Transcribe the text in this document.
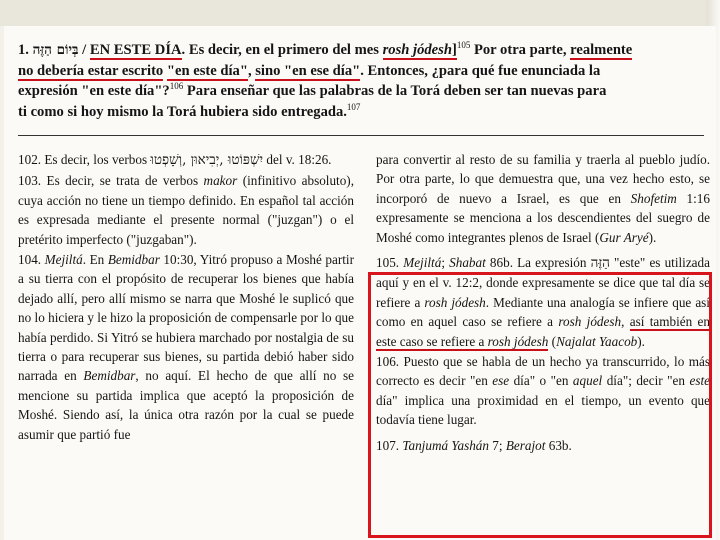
1. בְּיוֹם הַזֶּה / EN ESTE DÍA. Es decir, en el primero del mes rosh jódesh]$^{105}$ Por otra parte, realmente

no debería estar escrito "en este día", sino "en ese día". Entonces, ¿para qué fue enunciada la

expresión "en este día"?$^{106}$ Para enseñar que las palabras de la Torá deben ser tan nuevas para

ti como si hoy mismo la Torá hubiera sido entregada.$^{107}$

102. Es decir, los verbos יִשְׁפּוֹטוּ ,יְבִיאוּן ,וְשָׁפְטוּ del v. 18:26.

103. Es decir, se trata de verbos makor (infinitivo absoluto), cuya acción no tiene un tiempo definido. En español tal acción es expresada mediante el presente normal ("juzgan") o el pretérito imperfecto ("juzgaban").

104. Mejiltá. En Bemidbar 10:30, Yitró propuso a Moshé partir a su tierra con el propósito de recuperar los bienes que había dejado allí, pero allí mismo se narra que Moshé le suplicó que no lo hiciera y le hizo la proposición de compensarle por lo que había perdido. Si Yitró se hubiera marchado por nostalgia de su tierra o para recuperar sus bienes, su partida debió haber sido narrada en Bemidbar, no aquí. El hecho de que allí no se mencione su partida implica que aceptó la proposición de Moshé. Siendo así, la única otra razón por la cual se puede asumir que partió fue

para convertir al resto de su familia y traerla al pueblo judío. Por otra parte, lo que demuestra que, una vez hecho esto, se incorporó de nuevo a Israel, es que en Shofetim 1:16 expresamente se menciona a los descendientes del suegro de Moshé como integrantes plenos de Israel (Gur Aryé).

105. Mejiltá; Shabat 86b. La expresión הַזֶּה "este" es utilizada aquí y en el v. 12:2, donde expresamente se dice que tal día se refiere a rosh jódesh. Mediante una analogía se infiere que así como en aquel caso se refiere a rosh jódesh, así también en este caso se refiere a rosh jódesh (Najalat Yaacob).

106. Puesto que se habla de un hecho ya transcurrido, lo más correcto es decir "en ese día" o "en aquel día"; decir "en este día" implica una proximidad en el tiempo, un evento que todavía tiene lugar.

107. Tanjumá Yashán 7; Berajot 63b.
